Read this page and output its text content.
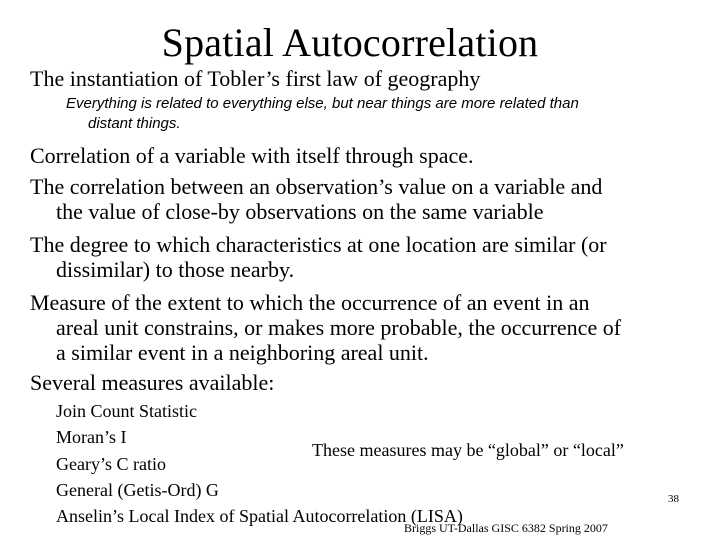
Spatial Autocorrelation
The instantiation of Tobler’s first law of geography
Everything is related to everything else, but near things are more related than
distant things.
Correlation of a variable with itself through space.
The correlation between an observation’s value on a variable and
the value of close-by observations on the same variable
The degree to which characteristics at one location are similar (or
dissimilar) to those nearby.
Measure of the extent to which the occurrence of an event in an
areal unit constrains, or makes more probable, the occurrence of
a similar event in a neighboring areal unit.
Several measures available:
Join Count Statistic
Moran’s I
Geary’s C ratio
General (Getis-Ord) G
Anselin’s Local Index of Spatial Autocorrelation (LISA)
These measures may be “global” or “local”
38
Briggs UT-Dallas GISC 6382 Spring 2007
